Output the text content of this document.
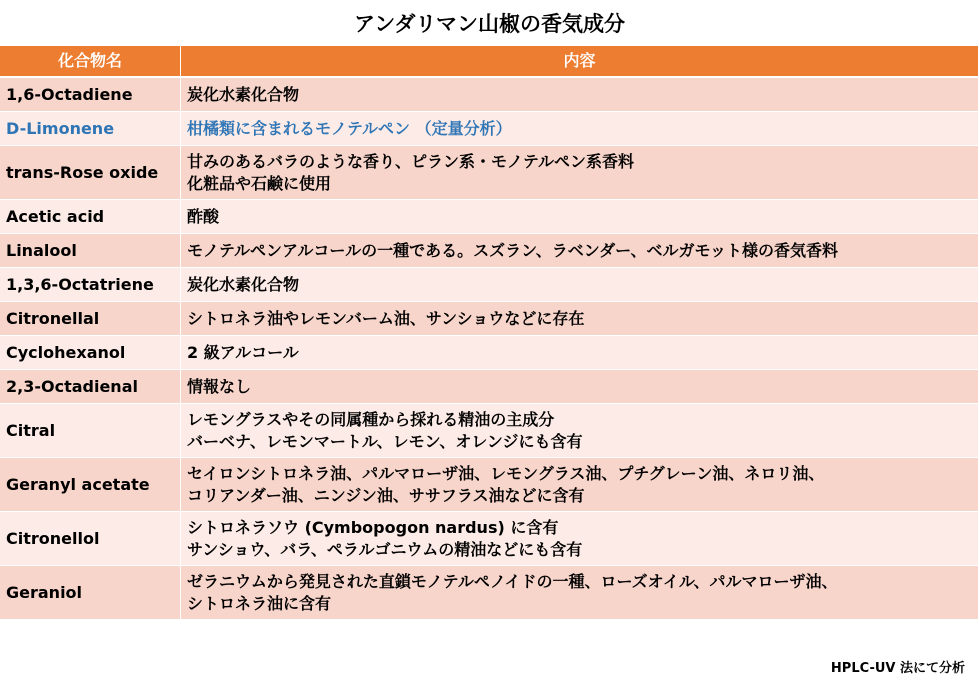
アンダリマン山椒の香気成分
化合物名	内容
1,6-Octadiene	炭化水素化合物

D-Limonene	柑橘類に含まれるモノテルペン （定量分析）

trans-Rose oxide	甘みのあるバラのような香り、ピラン系・モノテルペン系香料
化粧品や石鹸に使用

Acetic acid	酢酸

Linalool	モノテルペンアルコールの一種である。スズラン、ラベンダー、ベルガモット様の香気香料

1,3,6-Octatriene	炭化水素化合物

Citronellal	シトロネラ油やレモンバーム油、サンショウなどに存在

Cyclohexanol	2 級アルコール

2,3-Octadienal	情報なし

Citral	レモングラスやその同属種から採れる精油の主成分
バーベナ、レモンマートル、レモン、オレンジにも含有

Geranyl acetate	セイロンシトロネラ油、パルマローザ油、レモングラス油、プチグレーン油、ネロリ油、
コリアンダー油、ニンジン油、ササフラス油などに含有

Citronellol	シトロネラソウ (Cymbopogon nardus) に含有
サンショウ、バラ、ペラルゴニウムの精油などにも含有

Geraniol	ゼラニウムから発見された直鎖モノテルペノイドの一種、ローズオイル、パルマローザ油、
シトロネラ油に含有
HPLC-UV 法にて分析
